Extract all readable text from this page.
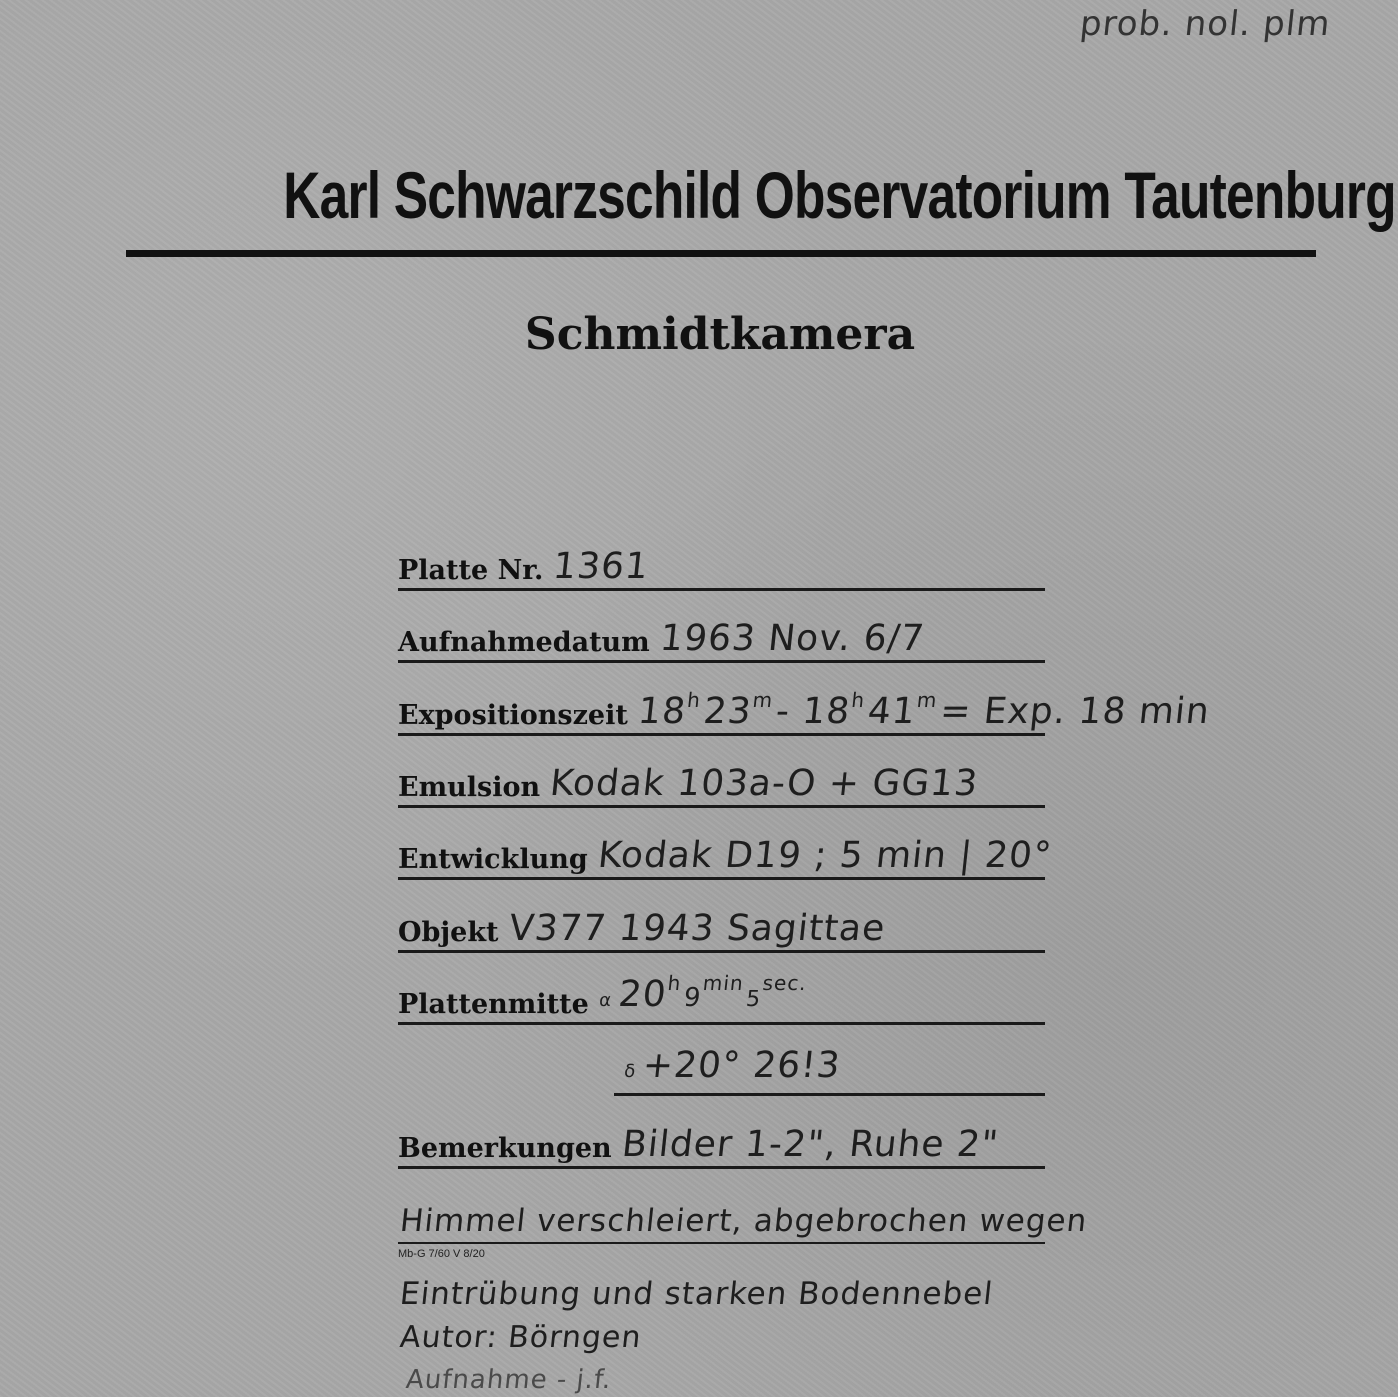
prob. nol. plm
Karl Schwarzschild Observatorium Tautenburg
Schmidtkamera
Platte Nr. 1361
Aufnahmedatum 1963 Nov. 6/7
Expositionszeit 18$^h$23$^m$- $18^h41^m=$ Exp. 18 min
Emulsion Kodak 103a-O + GG13
Entwicklung Kodak D19 ; 5 min | 20°
Objekt V377 1943 Sagittae
Plattenmitte $\alpha 20^h9^{min}5^{sec.}$
δ+20° 26!3
Bemerkungen Bilder 1-2", Ruhe 2"
Himmel verschleiert, abgebrochen wegen
Mb-G 7/60 V 8/20
Eintrübung und starken Bodennebel
Autor: Börngen
Aufnahme - j.f.
